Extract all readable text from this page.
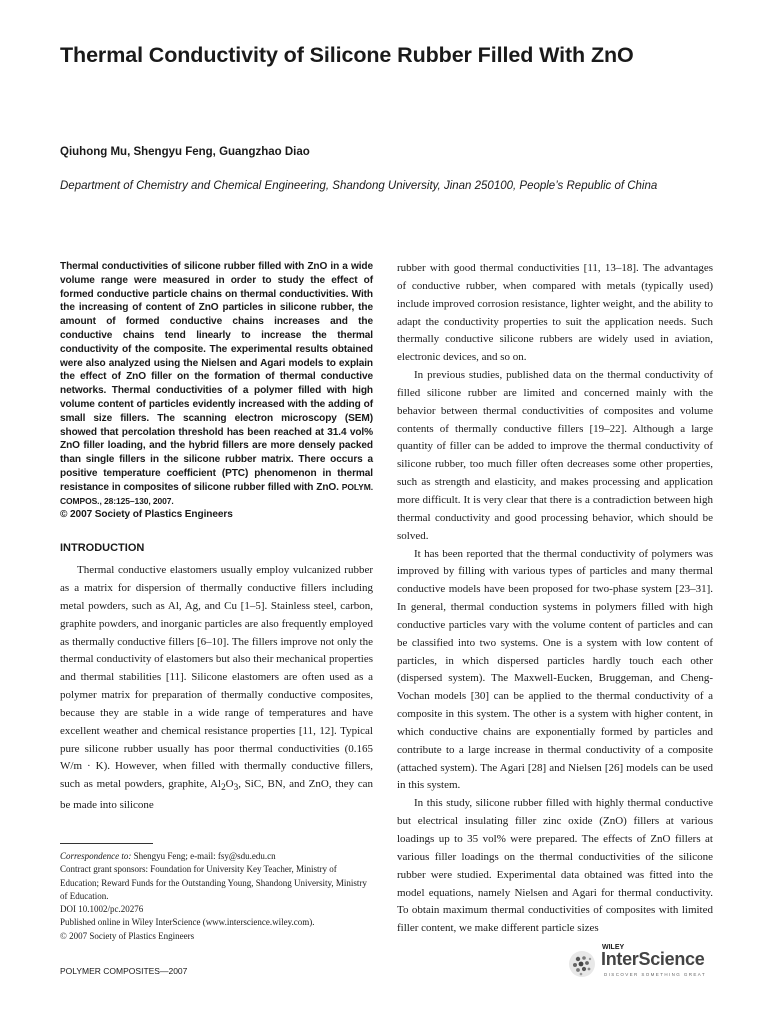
Thermal Conductivity of Silicone Rubber Filled With ZnO
Qiuhong Mu, Shengyu Feng, Guangzhao Diao
Department of Chemistry and Chemical Engineering, Shandong University, Jinan 250100, People’s Republic of China

Thermal conductivities of silicone rubber filled with ZnO in a wide volume range were measured in order to study the effect of formed conductive particle chains on thermal conductivities. With the increasing of content of ZnO particles in silicone rubber, the amount of formed conductive chains increases and the conductive chains tend linearly to increase the thermal conductivity of the composite. The experimental results obtained were also analyzed using the Nielsen and Agari models to explain the effect of ZnO filler on the formation of thermal conductive networks. Thermal conductivities of a polymer filled with high volume content of particles evidently increased with the adding of small size fillers. The scanning electron microscopy (SEM) showed that percolation threshold has been reached at 31.4 vol% ZnO filler loading, and the hybrid fillers are more densely packed than single fillers in the silicone rubber matrix. There occurs a positive temperature coefficient (PTC) phenomenon in thermal resistance in composites of silicone rubber filled with ZnO. POLYM. COMPOS., 28:125–130, 2007.
© 2007 Society of Plastics Engineers

INTRODUCTION

Thermal conductive elastomers usually employ vulcanized rubber as a matrix for dispersion of thermally conductive fillers including metal powders, such as Al, Ag, and Cu [1–5]. Stainless steel, carbon, graphite powders, and inorganic particles are also frequently employed as thermally conductive fillers [6–10]. The fillers improve not only the thermal conductivity of elastomers but also their mechanical properties and thermal stabilities [11]. Silicone elastomers are often used as a polymer matrix for preparation of thermally conductive composites, because they are stable in a wide range of temperatures and have excellent weather and chemical resistance properties [11, 12]. Typical pure silicone rubber usually has poor thermal conductivities (0.165 W/m · K). However, when filled with thermally conductive fillers, such as metal powders, graphite, $Al_2O_3$, SiC, BN, and ZnO, they can be made into silicone

rubber with good thermal conductivities [11, 13–18]. The advantages of conductive rubber, when compared with metals (typically used) include improved corrosion resistance, lighter weight, and the ability to adapt the conductivity properties to suit the application needs. Such thermally conductive silicone rubbers are widely used in aviation, electronic devices, and so on.

In previous studies, published data on the thermal conductivity of filled silicone rubber are limited and concerned mainly with the behavior between thermal conductivities of composites and volume contents of thermally conductive fillers [19–22]. Although a large quantity of filler can be added to improve the thermal conductivity of silicone rubber, too much filler often decreases some other properties, such as strength and elasticity, and makes processing and application more difficult. It is very clear that there is a contradiction between high thermal conductivity and good processing behavior, which should be solved.

It has been reported that the thermal conductivity of polymers was improved by filling with various types of particles and many thermal conductive models have been proposed for two-phase system [23–31]. In general, thermal conduction systems in polymers filled with high conductive particles vary with the volume content of particles and can be classified into two systems. One is a system with low content of particles, in which dispersed particles hardly touch each other (dispersed system). The Maxwell-Eucken, Bruggeman, and Cheng-Vochan models [30] can be applied to the thermal conductivity of a composite in this system. The other is a system with higher content, in which conductive chains are exponentially formed by particles and contribute to a large increase in thermal conductivity of a composite (attached system). The Agari [28] and Nielsen [26] models can be used in this system.

In this study, silicone rubber filled with highly thermal conductive but electrical insulating filler zinc oxide (ZnO) fillers at various loadings up to 35 vol% were prepared. The effects of ZnO fillers at various filler loadings on the thermal conductivities of the silicone rubber were studied. Experimental data obtained was fitted into the model equations, namely Nielsen and Agari for thermal conductivity. To obtain maximum thermal conductivities of composites with limited filler content, we make different particle sizes

Correspondence to: Shengyu Feng; e-mail: fsy@sdu.edu.cn

Contract grant sponsors: Foundation for University Key Teacher, Ministry of Education; Reward Funds for the Outstanding Young, Shandong University, Ministry of Education.

DOI 10.1002/pc.20276

Published online in Wiley InterScience (www.interscience.wiley.com).

© 2007 Society of Plastics Engineers

POLYMER COMPOSITES—2007
WILEY
InterScience
DISCOVER SOMETHING GREAT
